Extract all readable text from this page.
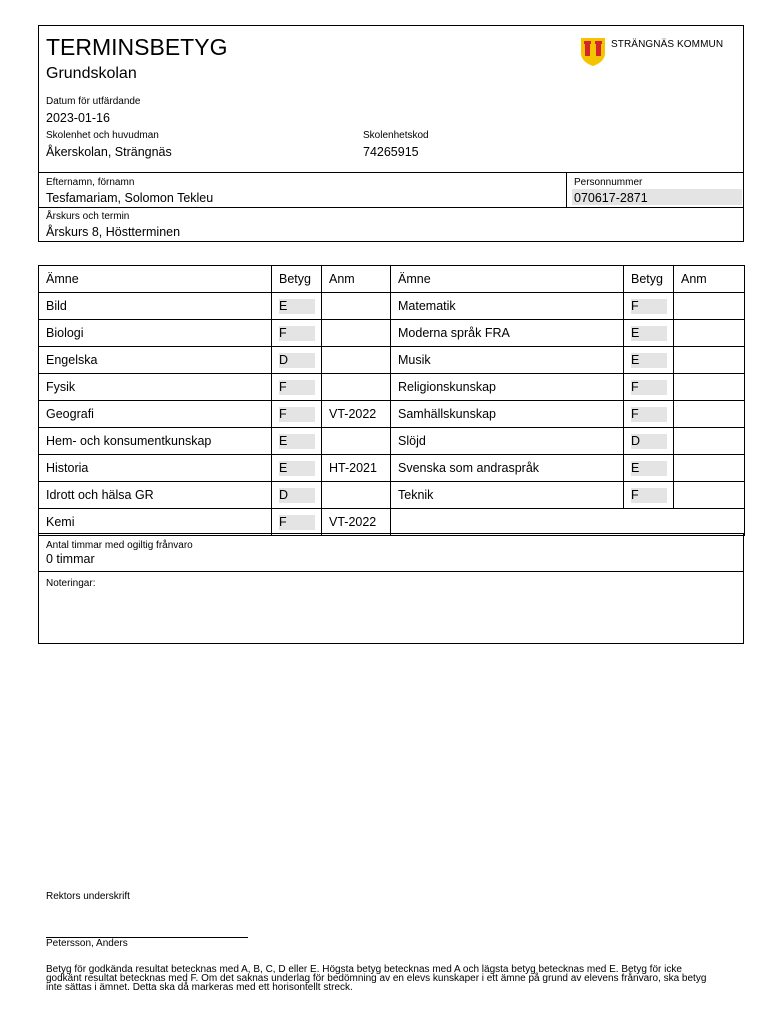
TERMINSBETYG
Grundskolan
STRÄNGNÄS KOMMUN
Datum för utfärdande
2023-01-16
Skolenhet och huvudman
Åkerskolan, Strängnäs
Skolenhetskod
74265915
Efternamn, förnamn
Tesfamariam, Solomon Tekleu
Personnummer
070617-2871
Årskurs och termin
Årskurs 8, Höstterminen
Ämne	Betyg	Anm	Ämne	Betyg	Anm
Bild	E		Matematik	F	
Biologi	F		Moderna språk FRA	E	
Engelska	D		Musik	E	
Fysik	F		Religionskunskap	F	
Geografi	F	VT-2022	Samhällskunskap	F	
Hem- och konsumentkunskap	E		Slöjd	D	
Historia	E	HT-2021	Svenska som andraspråk	E	
Idrott och hälsa GR	D		Teknik	F	
Kemi	F	VT-2022			
Antal timmar med ogiltig frånvaro
0 timmar
Noteringar:
Rektors underskrift
Petersson, Anders
Betyg för godkända resultat betecknas med A, B, C, D eller E. Högsta betyg betecknas med A och lägsta betyg betecknas med E. Betyg för icke
godkänt resultat betecknas med F. Om det saknas underlag för bedömning av en elevs kunskaper i ett ämne på grund av elevens frånvaro, ska betyg
inte sättas i ämnet. Detta ska då markeras med ett horisontellt streck.
